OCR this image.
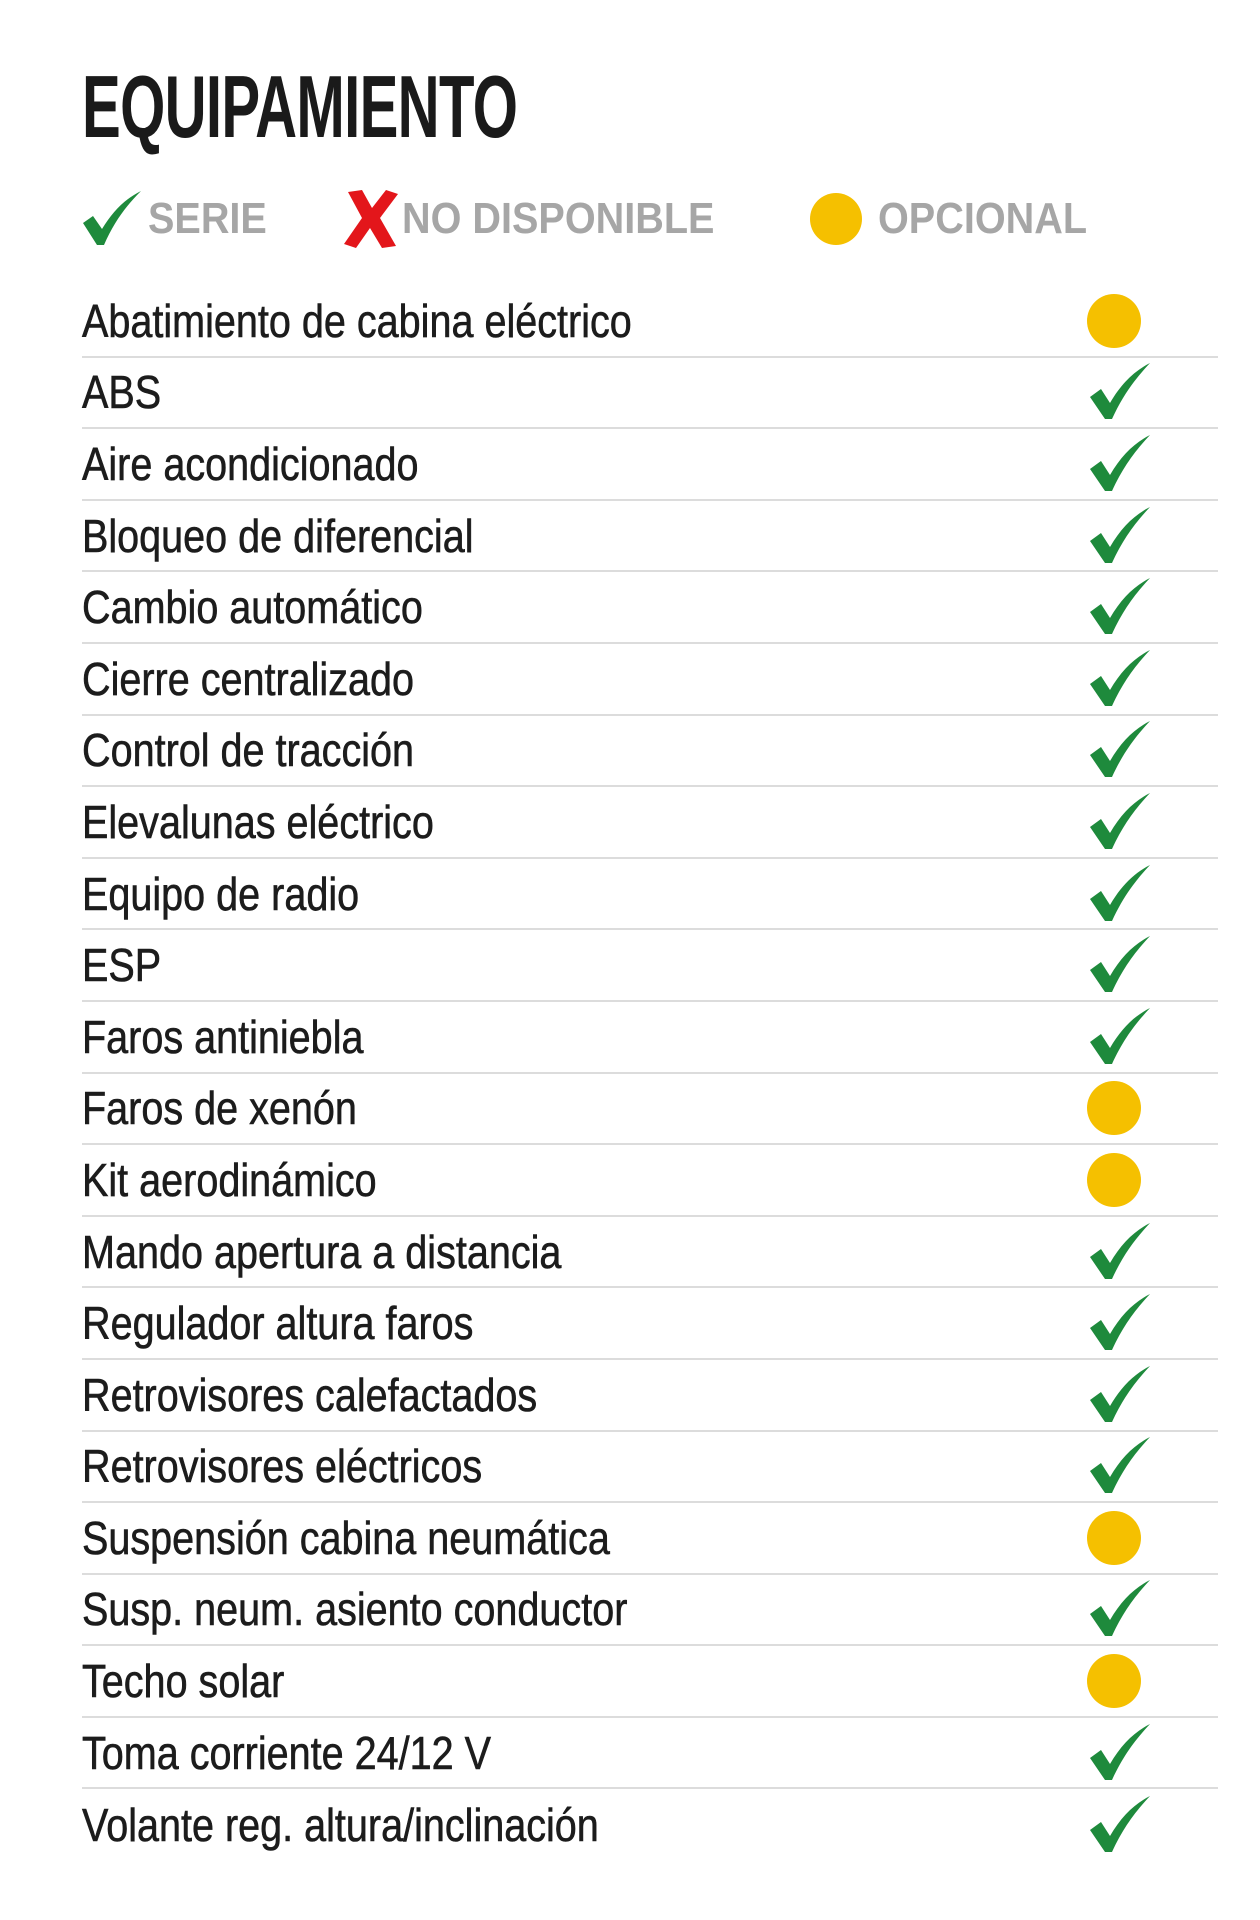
EQUIPAMIENTO
SERIE	NO DISPONIBLE	OPCIONAL
Abatimiento de cabina eléctrico
ABS
Aire acondicionado
Bloqueo de diferencial
Cambio automático
Cierre centralizado
Control de tracción
Elevalunas eléctrico
Equipo de radio
ESP
Faros antiniebla
Faros de xenón
Kit aerodinámico
Mando apertura a distancia
Regulador altura faros
Retrovisores calefactados
Retrovisores eléctricos
Suspensión cabina neumática
Susp. neum. asiento conductor
Techo solar
Toma corriente 24/12 V
Volante reg. altura/inclinación
